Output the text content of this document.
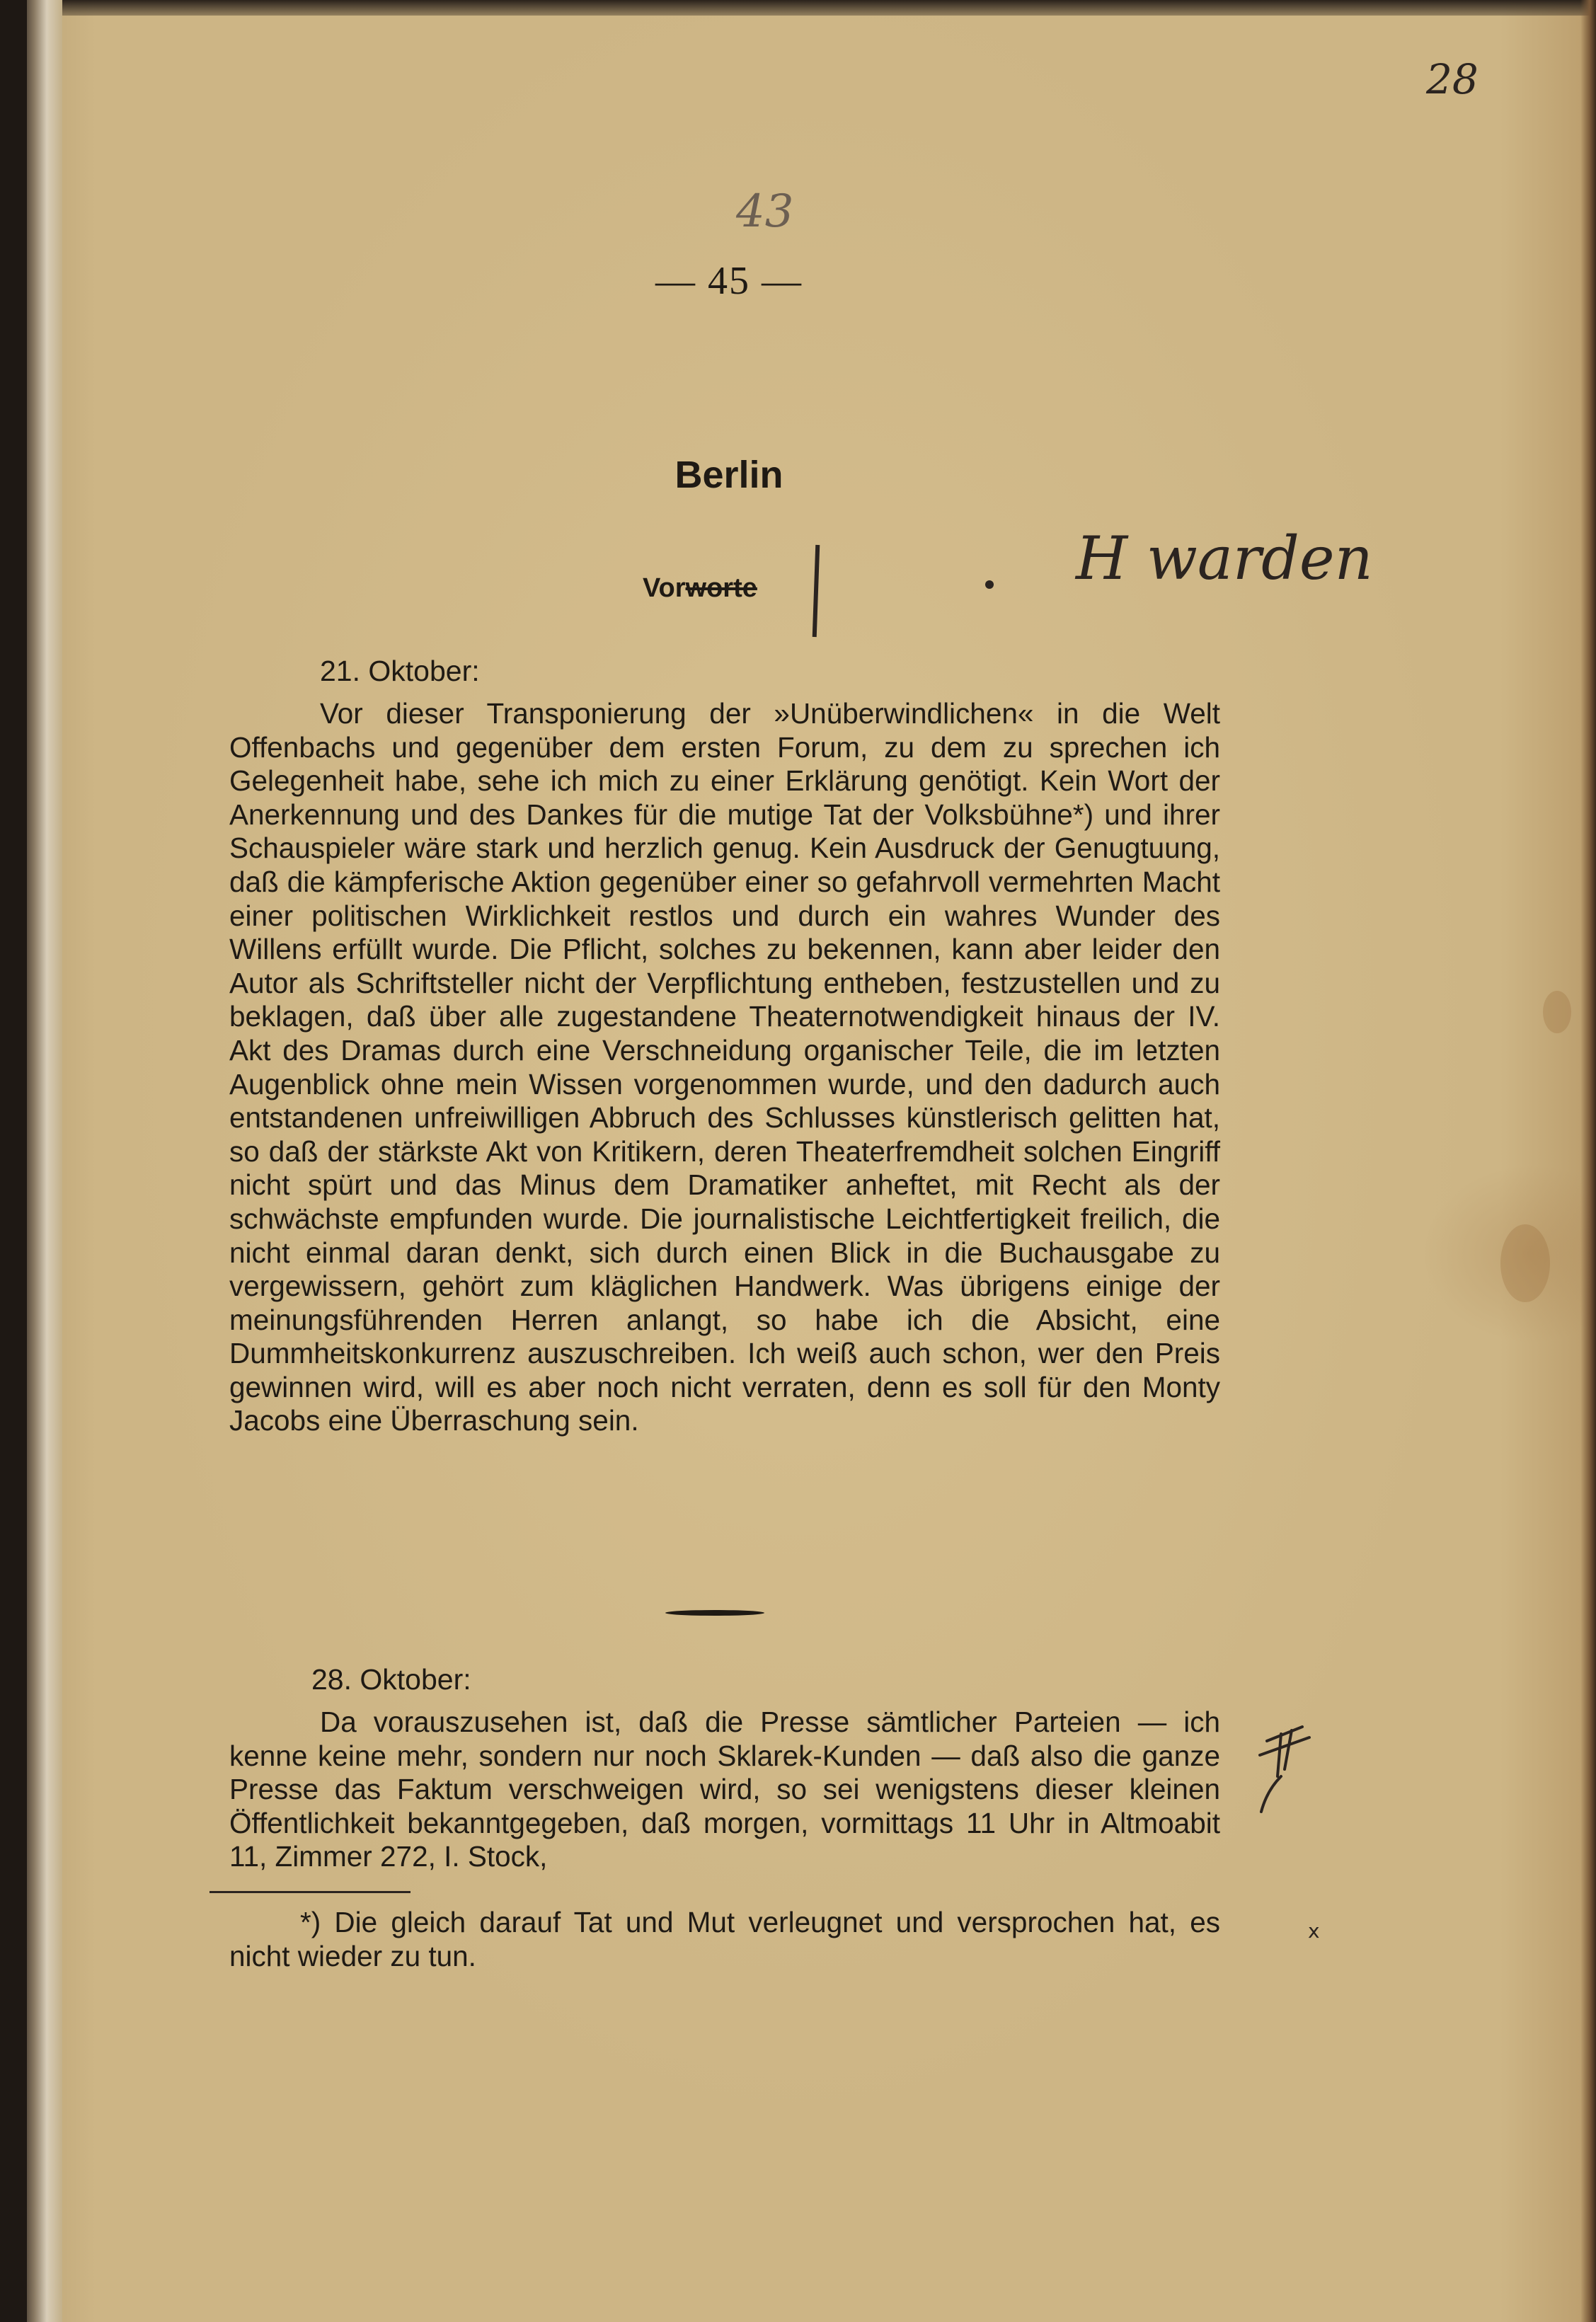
28
43
— 45 —
Berlin
Vorworte	H warden
21. Oktober:

Vor dieser Transponierung der »Unüberwindlichen« in die Welt Offenbachs und gegenüber dem ersten Forum, zu dem zu sprechen ich Gelegenheit habe, sehe ich mich zu einer Erklärung genötigt. Kein Wort der Anerkennung und des Dankes für die mutige Tat der Volksbühne*) und ihrer Schauspieler wäre stark und herzlich genug. Kein Ausdruck der Genugtuung, daß die kämpferische Aktion gegenüber einer so gefahrvoll vermehrten Macht einer politischen Wirklichkeit restlos und durch ein wahres Wunder des Willens erfüllt wurde. Die Pflicht, solches zu bekennen, kann aber leider den Autor als Schriftsteller nicht der Verpflichtung entheben, festzustellen und zu beklagen, daß über alle zugestandene Theaternotwendigkeit hinaus der IV. Akt des Dramas durch eine Verschneidung organischer Teile, die im letzten Augenblick ohne mein Wissen vorgenommen wurde, und den dadurch auch entstandenen unfreiwilligen Abbruch des Schlusses künstlerisch gelitten hat, so daß der stärkste Akt von Kritikern, deren Theaterfremdheit solchen Eingriff nicht spürt und das Minus dem Dramatiker anheftet, mit Recht als der schwächste empfunden wurde. Die journalistische Leichtfertigkeit freilich, die nicht einmal daran denkt, sich durch einen Blick in die Buchausgabe zu vergewissern, gehört zum kläglichen Handwerk. Was übrigens einige der meinungsführenden Herren anlangt, so habe ich die Absicht, eine Dummheitskonkurrenz auszuschreiben. Ich weiß auch schon, wer den Preis gewinnen wird, will es aber noch nicht verraten, denn es soll für den Monty Jacobs eine Überraschung sein.

28. Oktober:

Da vorauszusehen ist, daß die Presse sämtlicher Parteien — ich kenne keine mehr, sondern nur noch Sklarek-Kunden — daß also die ganze Presse das Faktum verschweigen wird, so sei wenigstens dieser kleinen Öffentlichkeit bekanntgegeben, daß morgen, vormittags 11 Uhr in Altmoabit 11, Zimmer 272, I. Stock,

*) Die gleich darauf Tat und Mut verleugnet und versprochen hat, es nicht wieder zu tun.

x
